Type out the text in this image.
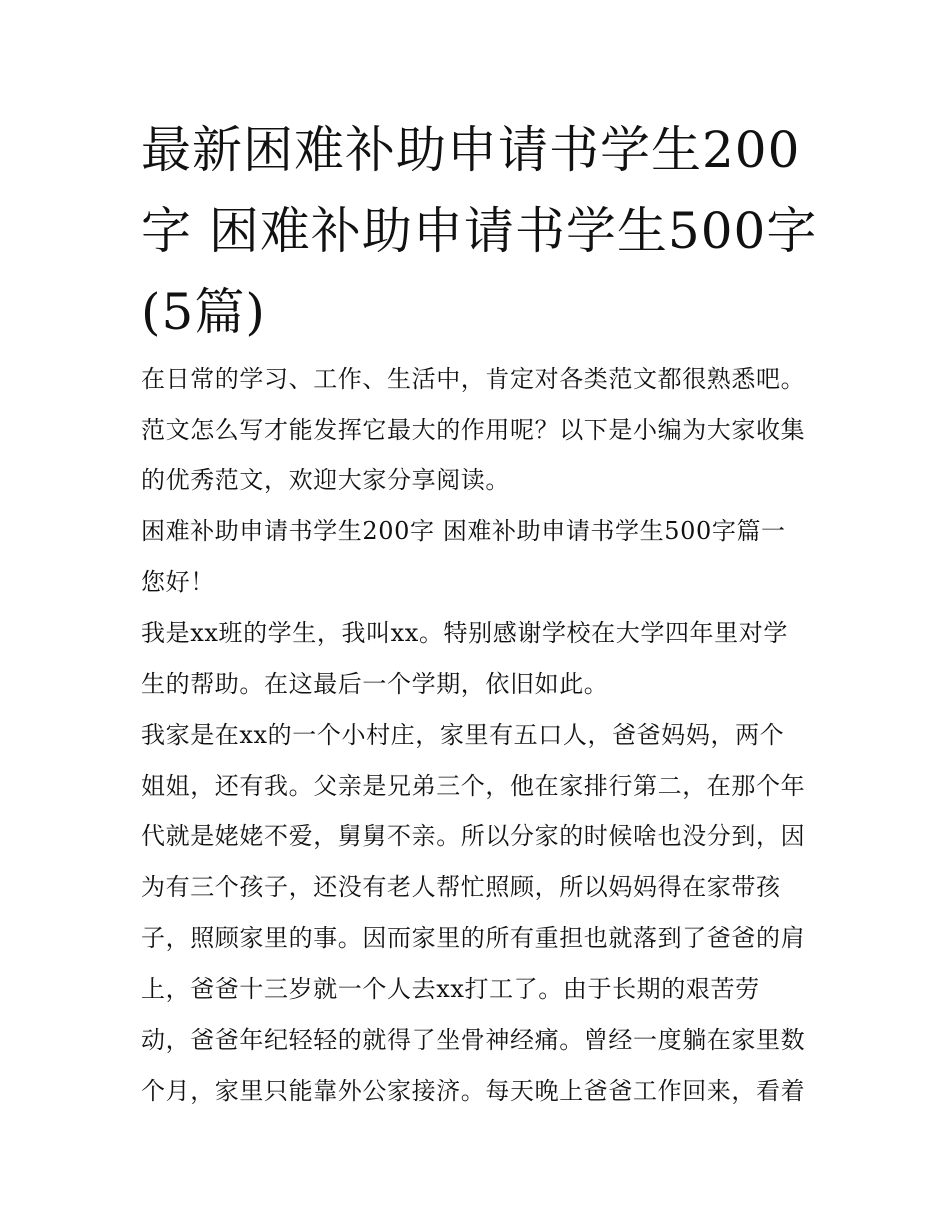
最新困难补助申请书学生200
字 困难补助申请书学生500字
(5篇)

在日常的学习、工作、生活中，肯定对各类范文都很熟悉吧。

范文怎么写才能发挥它最大的作用呢？以下是小编为大家收集

的优秀范文，欢迎大家分享阅读。

困难补助申请书学生200字 困难补助申请书学生500字篇一

您好！

我是xx班的学生，我叫xx。特别感谢学校在大学四年里对学

生的帮助。在这最后一个学期，依旧如此。

我家是在xx的一个小村庄，家里有五口人，爸爸妈妈，两个

姐姐，还有我。父亲是兄弟三个，他在家排行第二，在那个年

代就是姥姥不爱，舅舅不亲。所以分家的时候啥也没分到，因

为有三个孩子，还没有老人帮忙照顾，所以妈妈得在家带孩

子，照顾家里的事。因而家里的所有重担也就落到了爸爸的肩

上，爸爸十三岁就一个人去xx打工了。由于长期的艰苦劳

动，爸爸年纪轻轻的就得了坐骨神经痛。曾经一度躺在家里数

个月，家里只能靠外公家接济。每天晚上爸爸工作回来，看着
